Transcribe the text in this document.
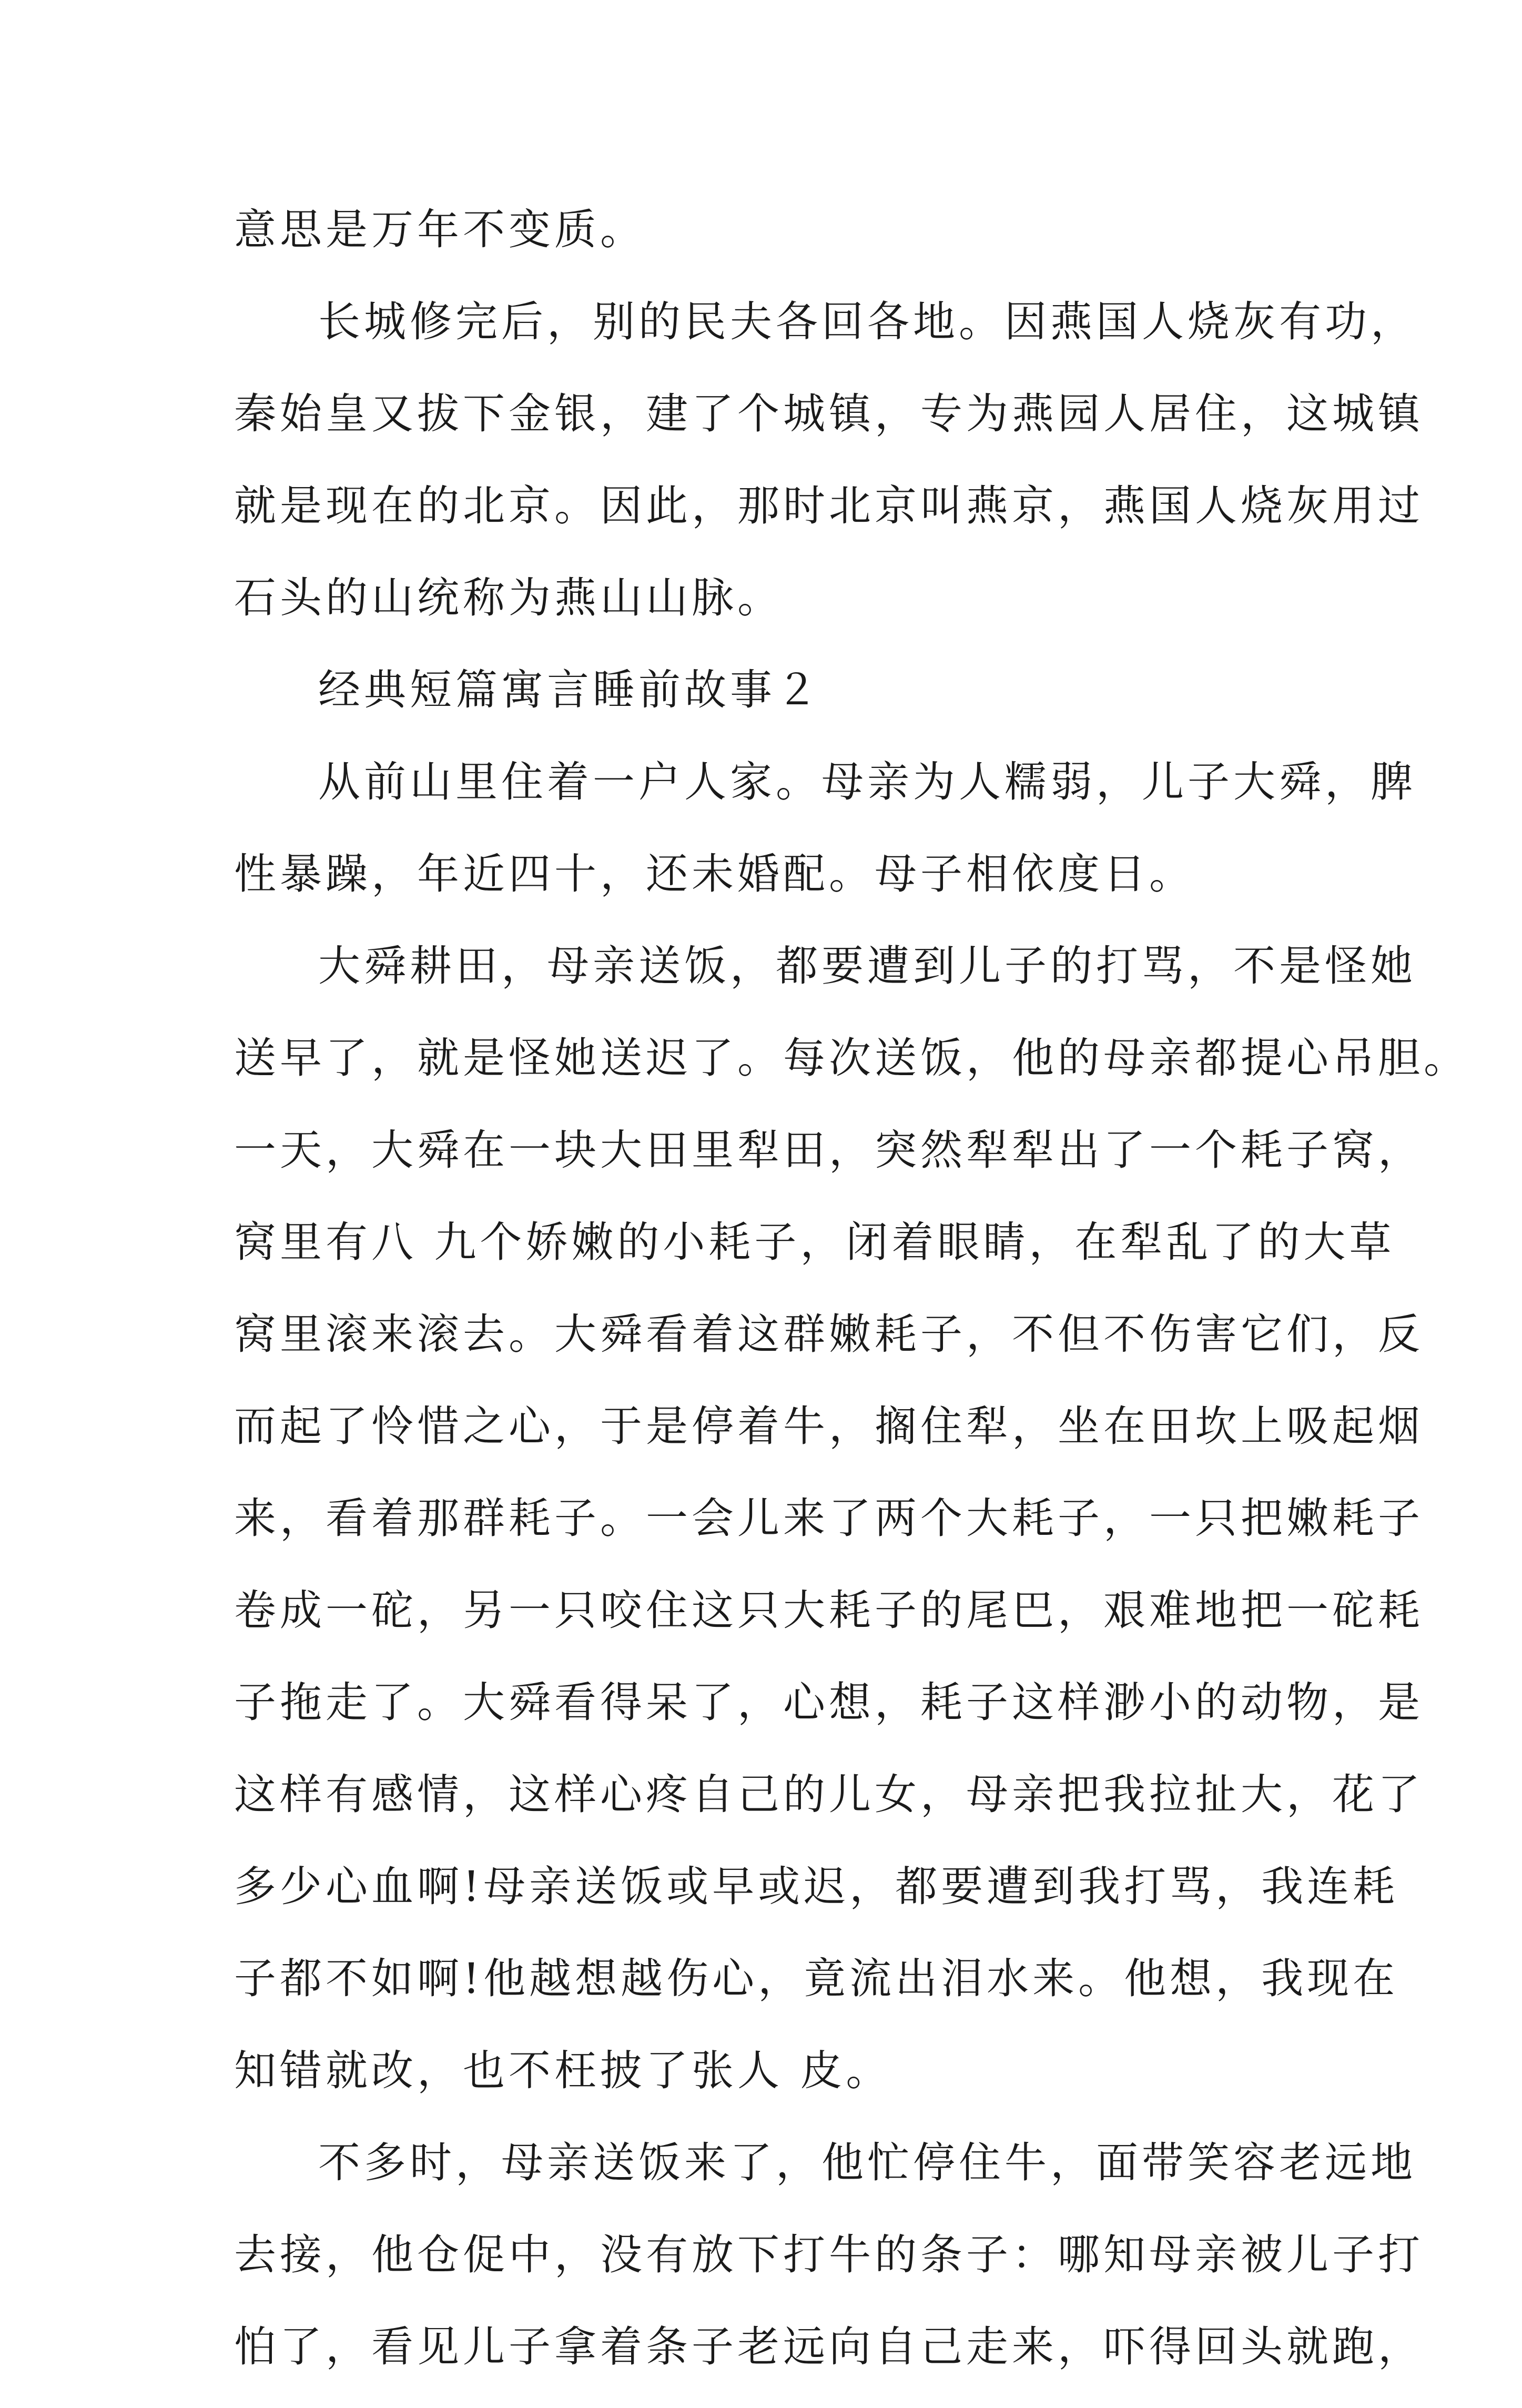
意思是万年不变质。
长城修完后，别的民夫各回各地。因燕国人烧灰有功，
秦始皇又拔下金银，建了个城镇，专为燕园人居住，这城镇
就是现在的北京。因此，那时北京叫燕京，燕国人烧灰用过
石头的山统称为燕山山脉。
经典短篇寓言睡前故事２
从前山里住着一户人家。母亲为人糯弱，儿子大舜，脾
性暴躁，年近四十，还未婚配。母子相依度日。
大舜耕田，母亲送饭，都要遭到儿子的打骂，不是怪她
送早了，就是怪她送迟了。每次送饭，他的母亲都提心吊胆。
一天，大舜在一块大田里犁田，突然犁犁出了一个耗子窝，
窝里有八 九个娇嫩的小耗子，闭着眼睛，在犁乱了的大草
窝里滚来滚去。大舜看着这群嫩耗子，不但不伤害它们，反
而起了怜惜之心，于是停着牛，搁住犁，坐在田坎上吸起烟
来，看着那群耗子。一会儿来了两个大耗子，一只把嫩耗子
卷成一砣，另一只咬住这只大耗子的尾巴，艰难地把一砣耗
子拖走了。大舜看得呆了，心想，耗子这样渺小的动物，是
这样有感情，这样心疼自己的儿女，母亲把我拉扯大，花了
多少心血啊!母亲送饭或早或迟，都要遭到我打骂，我连耗
子都不如啊!他越想越伤心，竟流出泪水来。他想，我现在
知错就改，也不枉披了张人 皮。
不多时，母亲送饭来了，他忙停住牛，面带笑容老远地
去接，他仓促中，没有放下打牛的条子：哪知母亲被儿子打
怕了，看见儿子拿着条子老远向自己走来，吓得回头就跑，
